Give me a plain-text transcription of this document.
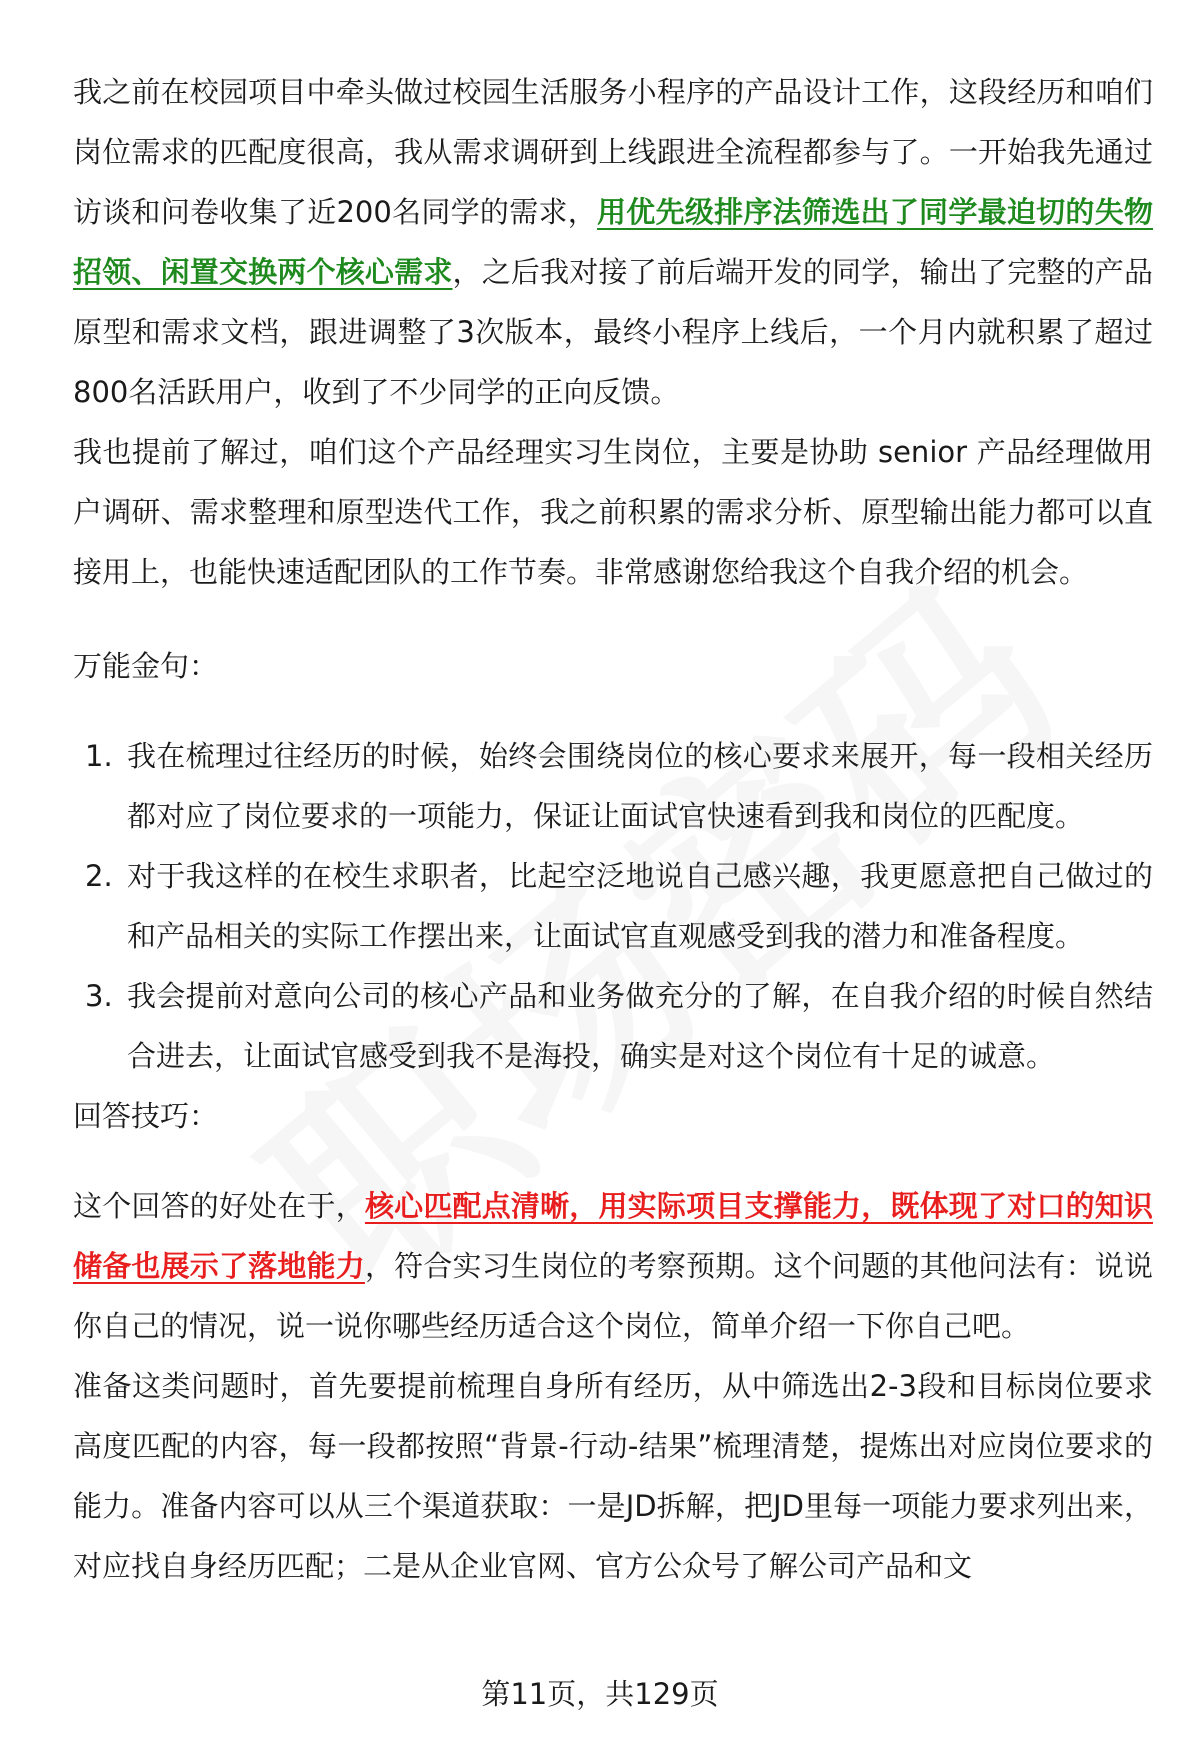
我之前在校园项目中牵头做过校园生活服务小程序的产品设计工作，这段经历和咱们岗位需求的匹配度很高，我从需求调研到上线跟进全流程都参与了。一开始我先通过访谈和问卷收集了近200名同学的需求，用优先级排序法筛选出了同学最迫切的失物招领、闲置交换两个核心需求，之后我对接了前后端开发的同学，输出了完整的产品原型和需求文档，跟进调整了3次版本，最终小程序上线后，一个月内就积累了超过800名活跃用户，收到了不少同学的正向反馈。

我也提前了解过，咱们这个产品经理实习生岗位，主要是协助 senior 产品经理做用户调研、需求整理和原型迭代工作，我之前积累的需求分析、原型输出能力都可以直接用上，也能快速适配团队的工作节奏。非常感谢您给我这个自我介绍的机会。

万能金句：

1. 我在梳理过往经历的时候，始终会围绕岗位的核心要求来展开，每一段相关经历都对应了岗位要求的一项能力，保证让面试官快速看到我和岗位的匹配度。
2. 对于我这样的在校生求职者，比起空泛地说自己感兴趣，我更愿意把自己做过的和产品相关的实际工作摆出来，让面试官直观感受到我的潜力和准备程度。
3. 我会提前对意向公司的核心产品和业务做充分的了解，在自我介绍的时候自然结合进去，让面试官感受到我不是海投，确实是对这个岗位有十足的诚意。

回答技巧：

这个回答的好处在于，核心匹配点清晰，用实际项目支撑能力，既体现了对口的知识储备也展示了落地能力，符合实习生岗位的考察预期。这个问题的其他问法有：说说你自己的情况，说一说你哪些经历适合这个岗位，简单介绍一下你自己吧。

准备这类问题时，首先要提前梳理自身所有经历，从中筛选出2-3段和目标岗位要求高度匹配的内容，每一段都按照“背景-行动-结果”梳理清楚，提炼出对应岗位要求的能力。准备内容可以从三个渠道获取：一是JD拆解，把JD里每一项能力要求列出来，对应找自身经历匹配；二是从企业官网、官方公众号了解公司产品和文

第11页，共129页
